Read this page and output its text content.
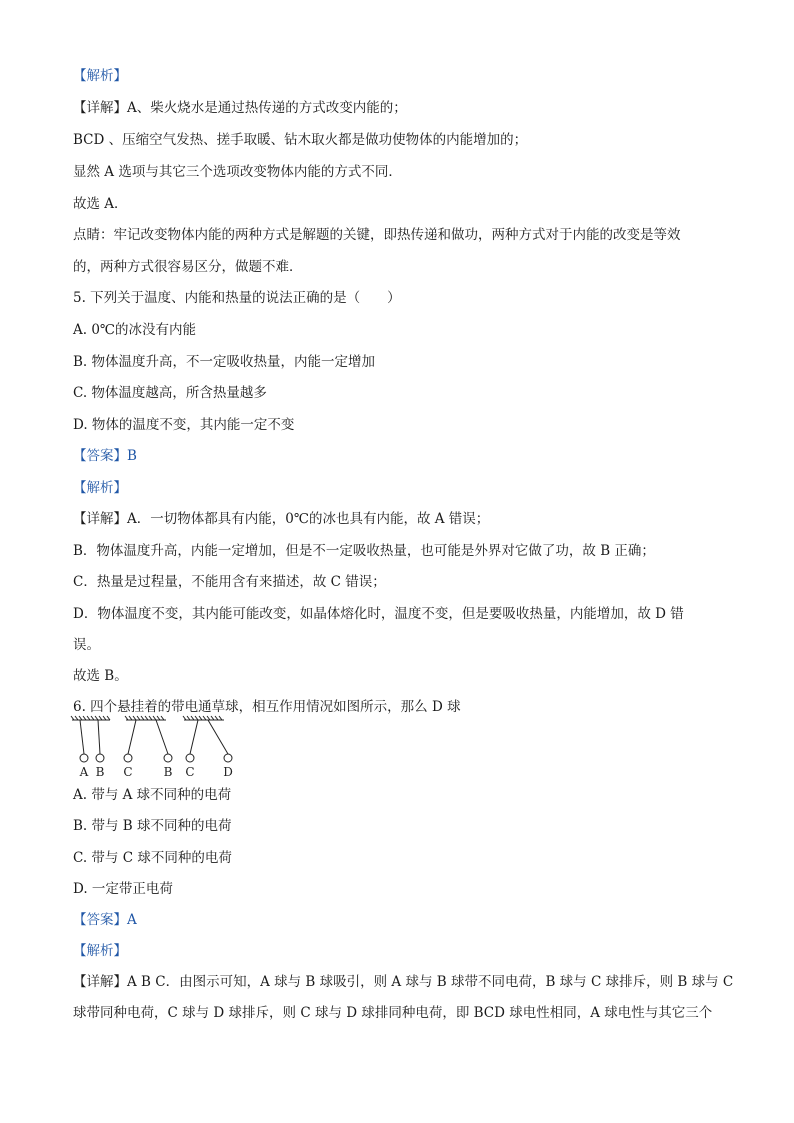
【解析】
【详解】A、柴火烧水是通过热传递的方式改变内能的；
BCD 、压缩空气发热、搓手取暖、钻木取火都是做功使物体的内能增加的；
显然 A 选项与其它三个选项改变物体内能的方式不同．
故选 A．
点睛：牢记改变物体内能的两种方式是解题的关键，即热传递和做功，两种方式对于内能的改变是等效
的，两种方式很容易区分，做题不难．
5. 下列关于温度、内能和热量的说法正确的是（　　）
A. 0℃的冰没有内能
B. 物体温度升高，不一定吸收热量，内能一定增加
C. 物体温度越高，所含热量越多
D. 物体的温度不变，其内能一定不变
【答案】B
【解析】
【详解】A．一切物体都具有内能，0℃的冰也具有内能，故 A 错误；
B．物体温度升高，内能一定增加，但是不一定吸收热量，也可能是外界对它做了功，故 B 正确；
C．热量是过程量，不能用含有来描述，故 C 错误；
D．物体温度不变，其内能可能改变，如晶体熔化时，温度不变，但是要吸收热量，内能增加，故 D 错
误。
故选 B。
6. 四个悬挂着的带电通草球，相互作用情况如图所示，那么 D 球
A B C	B C D
A. 带与 A 球不同种的电荷
B. 带与 B 球不同种的电荷
C. 带与 C 球不同种的电荷
D. 一定带正电荷
【答案】A
【解析】
【详解】A B C．由图示可知，A 球与 B 球吸引，则 A 球与 B 球带不同电荷，B 球与 C 球排斥，则 B 球与 C
球带同种电荷，C 球与 D 球排斥，则 C 球与 D 球排同种电荷，即 BCD 球电性相同，A 球电性与其它三个
